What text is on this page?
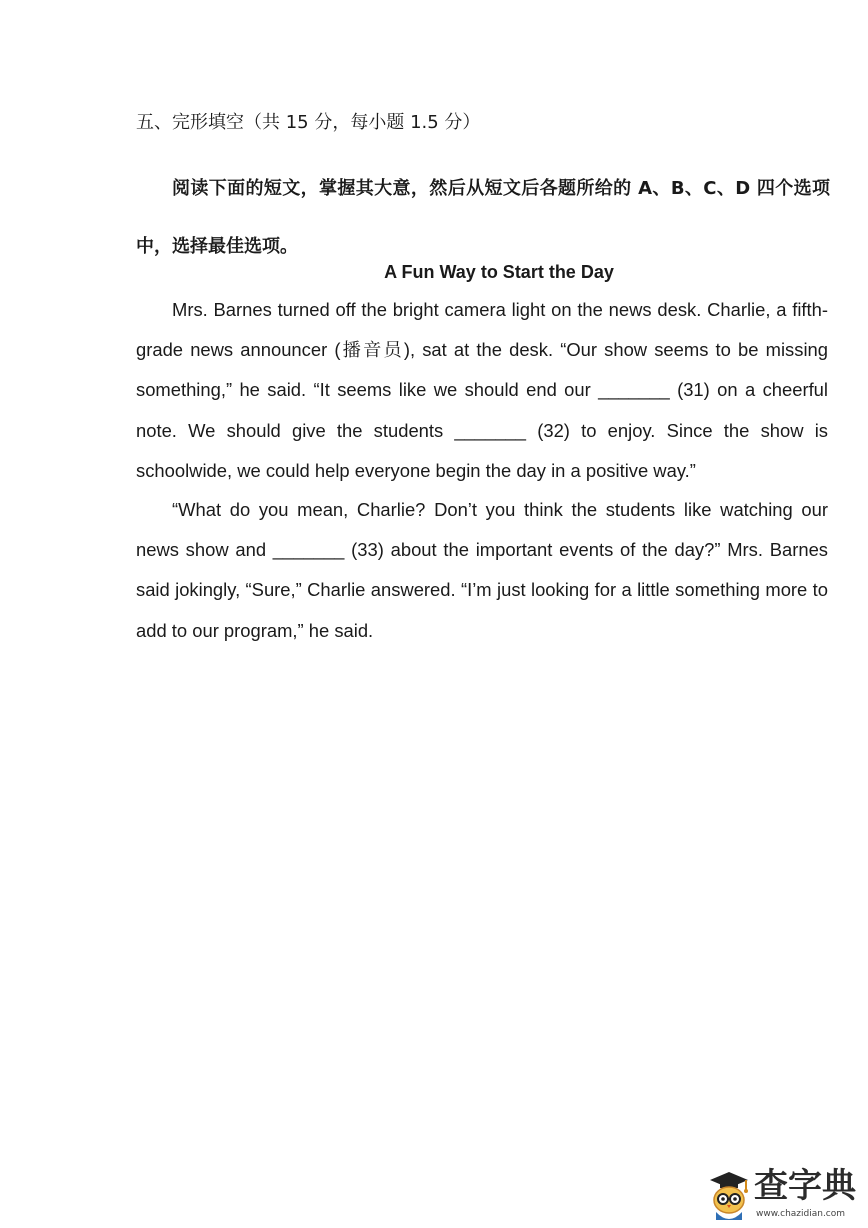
五、完形填空（共 15 分，每小题 1.5 分）
阅读下面的短文，掌握其大意，然后从短文后各题所给的 A、B、C、D 四个选项中，选择最佳选项。
A Fun Way to Start the Day

Mrs. Barnes turned off the bright camera light on the news desk. Charlie, a fifth-grade news announcer (播音员), sat at the desk. “Our show seems to be missing something,” he said. “It seems like we should end our _______ (31) on a cheerful note. We should give the students _______ (32) to enjoy. Since the show is schoolwide, we could help everyone begin the day in a positive way.”

“What do you mean, Charlie? Don’t you think the students like watching our news show and _______ (33) about the important events of the day?” Mrs. Barnes said jokingly, “Sure,” Charlie answered. “I’m just looking for a little something more to add to our program,” he said.

查字典
www.chazidian.com
